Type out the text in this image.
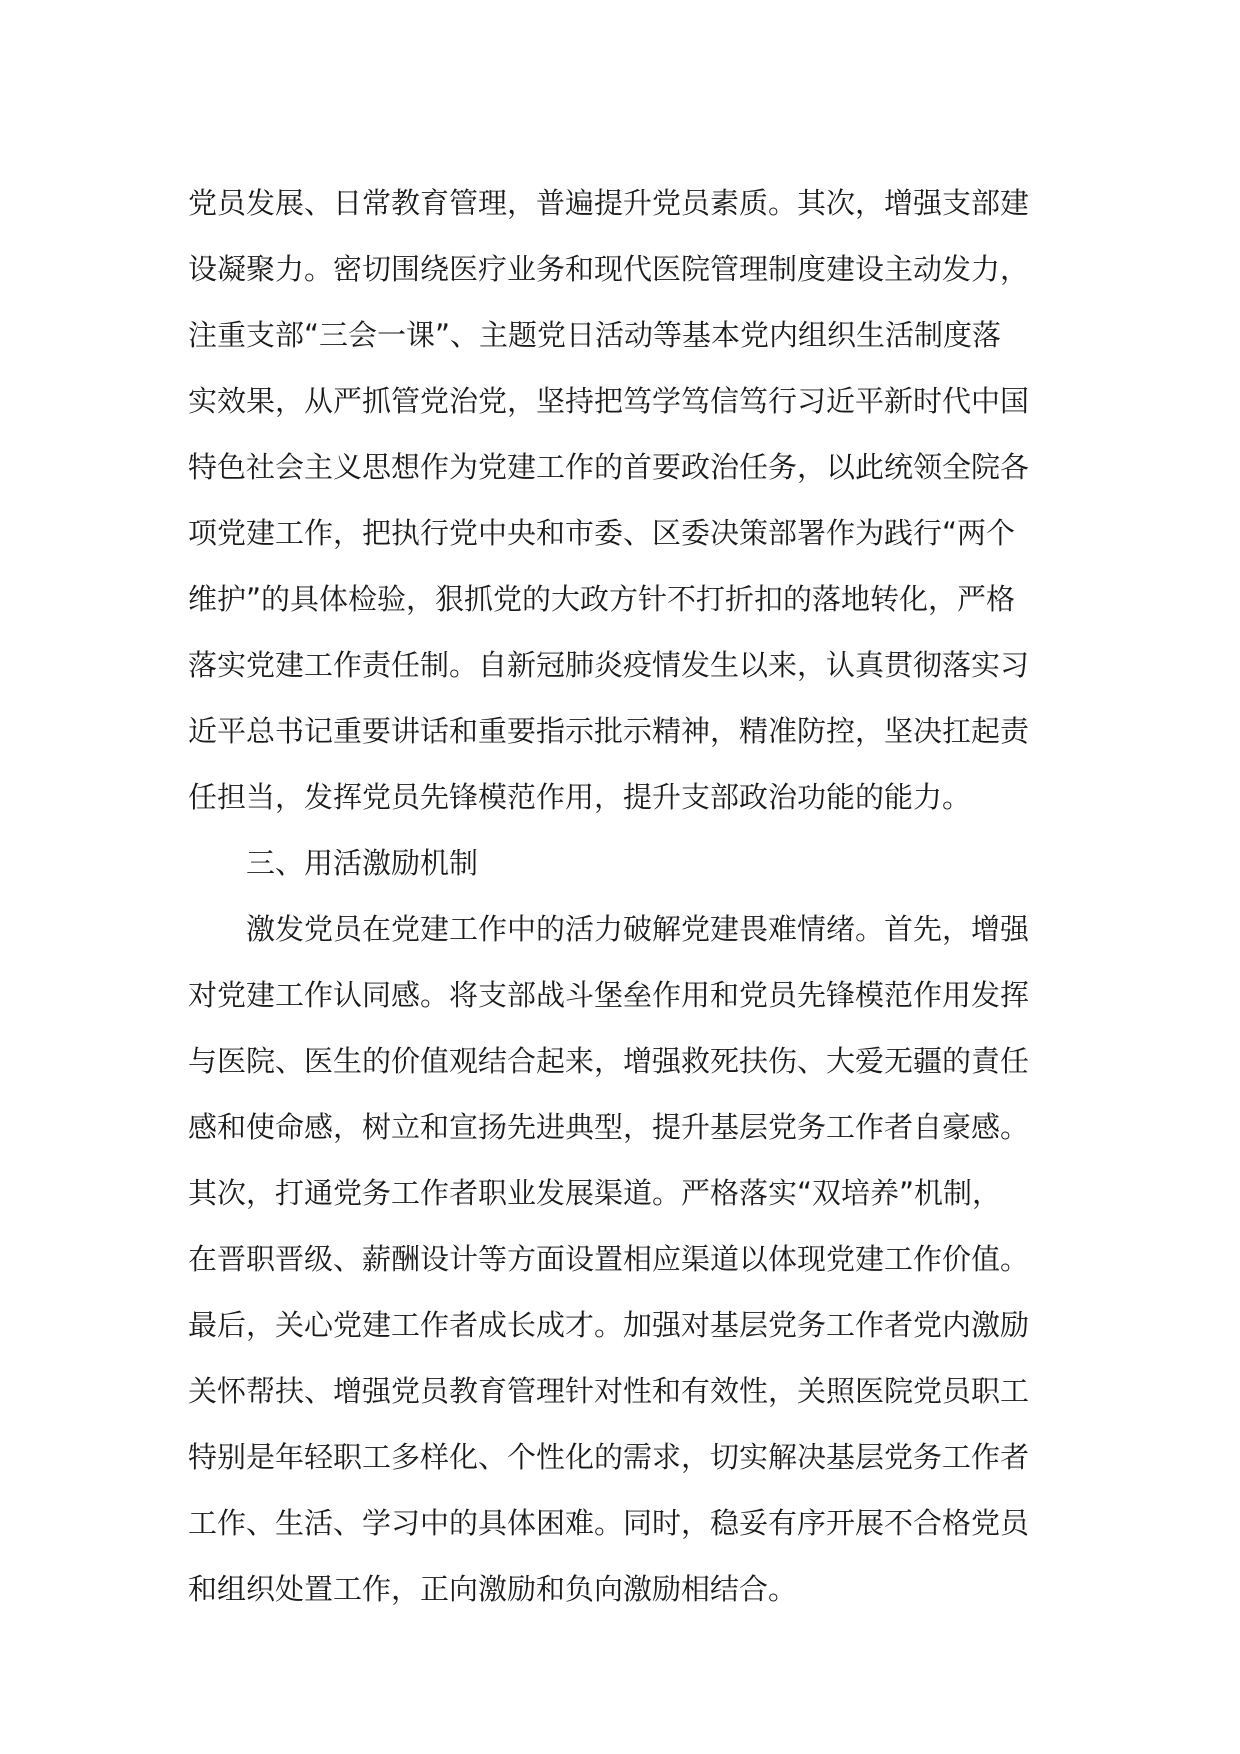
党员发展、日常教育管理，普遍提升党员素质。其次，增强支部建
设凝聚力。密切围绕医疗业务和现代医院管理制度建设主动发力，
注重支部“三会一课”、主题党日活动等基本党内组织生活制度落
实效果，从严抓管党治党，坚持把笃学笃信笃行习近平新时代中国
特色社会主义思想作为党建工作的首要政治任务，以此统领全院各
项党建工作，把执行党中央和市委、区委决策部署作为践行“两个
维护”的具体检验，狠抓党的大政方针不打折扣的落地转化，严格
落实党建工作责任制。自新冠肺炎疫情发生以来，认真贯彻落实习
近平总书记重要讲话和重要指示批示精神，精准防控，坚决扛起责
任担当，发挥党员先锋模范作用，提升支部政治功能的能力。
三、用活激励机制
激发党员在党建工作中的活力破解党建畏难情绪。首先，增强
对党建工作认同感。将支部战斗堡垒作用和党员先锋模范作用发挥
与医院、医生的价值观结合起来，增强救死扶伤、大爱无疆的責任
感和使命感，树立和宣扬先进典型，提升基层党务工作者自豪感。
其次，打通党务工作者职业发展渠道。严格落实“双培养”机制，
在晋职晋级、薪酬设计等方面设置相应渠道以体现党建工作价值。
最后，关心党建工作者成长成才。加强对基层党务工作者党内激励
关怀帮扶、增强党员教育管理针对性和有效性，关照医院党员职工
特别是年轻职工多样化、个性化的需求，切实解决基层党务工作者
工作、生活、学习中的具体困难。同时，稳妥有序开展不合格党员
和组织处置工作，正向激励和负向激励相结合。
